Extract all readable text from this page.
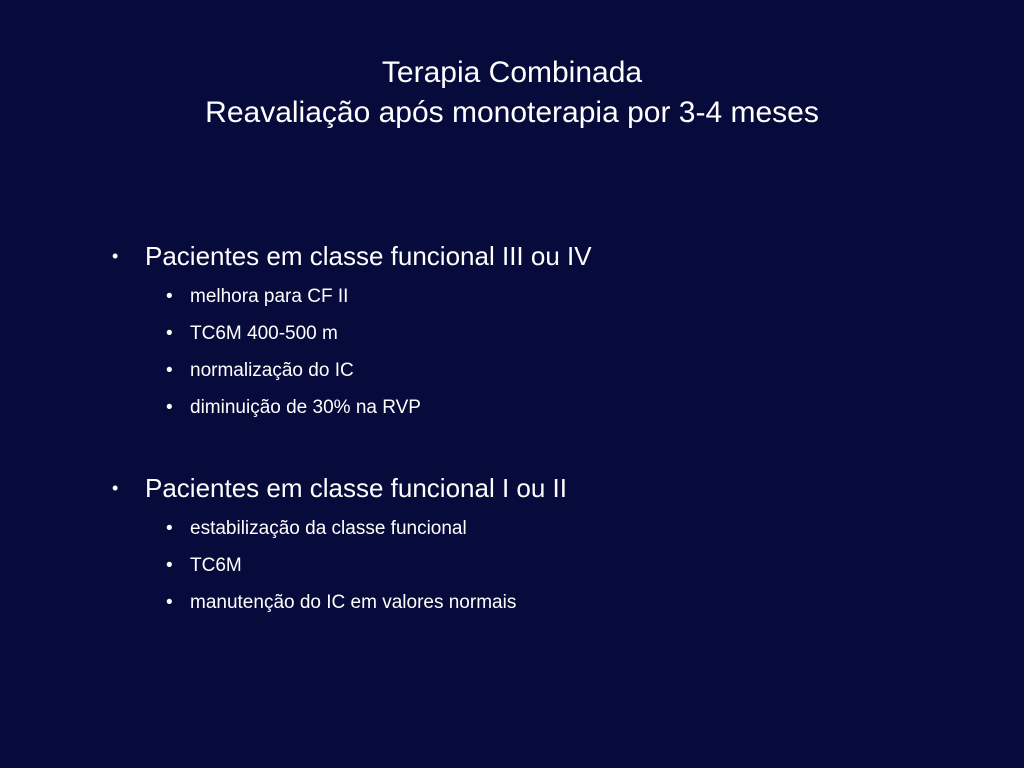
Terapia Combinada
Reavaliação após monoterapia por 3-4 meses
• Pacientes em classe funcional III ou IV
• melhora para CF II
• TC6M 400-500 m
• normalização do IC
• diminuição de 30% na RVP
• Pacientes em classe funcional I ou II
• estabilização da classe funcional
• TC6M
• manutenção do IC em valores normais
